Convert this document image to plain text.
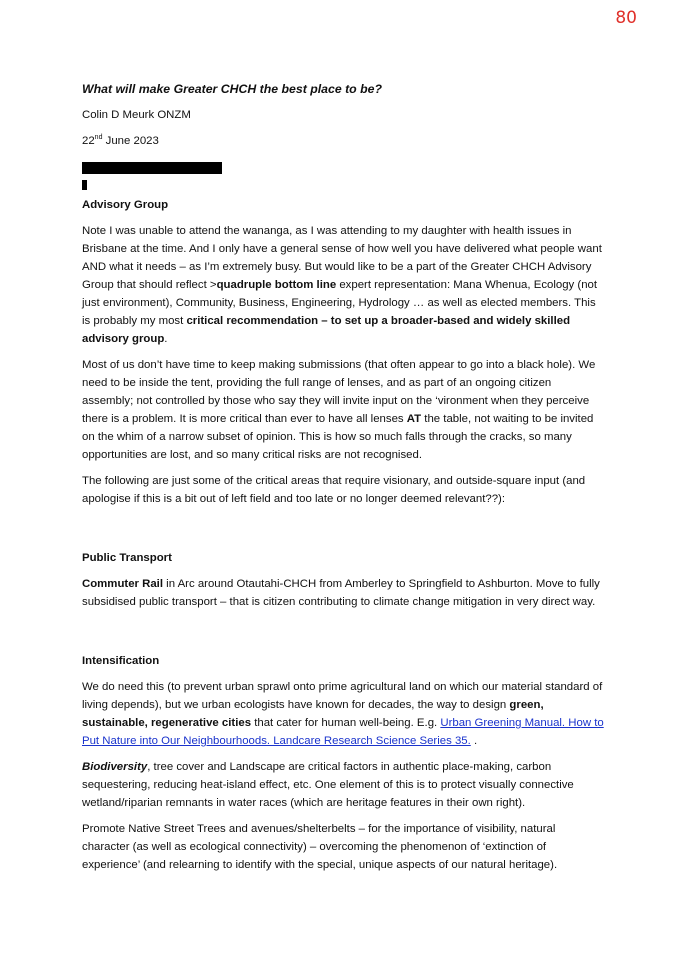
80
What will make Greater CHCH the best place to be?
Colin D Meurk ONZM
22nd June 2023
Advisory Group

Note I was unable to attend the wananga, as I was attending to my daughter with health issues in Brisbane at the time. And I only have a general sense of how well you have delivered what people want AND what it needs – as I’m extremely busy. But would like to be a part of the Greater CHCH Advisory Group that should reflect >quadruple bottom line expert representation: Mana Whenua, Ecology (not just environment), Community, Business, Engineering, Hydrology … as well as elected members. This is probably my most critical recommendation – to set up a broader-based and widely skilled advisory group.

Most of us don’t have time to keep making submissions (that often appear to go into a black hole). We need to be inside the tent, providing the full range of lenses, and as part of an ongoing citizen assembly; not controlled by those who say they will invite input on the ‘vironment when they perceive there is a problem. It is more critical than ever to have all lenses AT the table, not waiting to be invited on the whim of a narrow subset of opinion. This is how so much falls through the cracks, so many opportunities are lost, and so many critical risks are not recognised.

The following are just some of the critical areas that require visionary, and outside-square input (and apologise if this is a bit out of left field and too late or no longer deemed relevant??):

Public Transport

Commuter Rail in Arc around Otautahi-CHCH from Amberley to Springfield to Ashburton. Move to fully subsidised public transport – that is citizen contributing to climate change mitigation in very direct way.

Intensification

We do need this (to prevent urban sprawl onto prime agricultural land on which our material standard of living depends), but we urban ecologists have known for decades, the way to design green, sustainable, regenerative cities that cater for human well-being. E.g. Urban Greening Manual. How to Put Nature into Our Neighbourhoods. Landcare Research Science Series 35. .

Biodiversity, tree cover and Landscape are critical factors in authentic place-making, carbon sequestering, reducing heat-island effect, etc. One element of this is to protect visually connective wetland/riparian remnants in water races (which are heritage features in their own right).

Promote Native Street Trees and avenues/shelterbelts – for the importance of visibility, natural character (as well as ecological connectivity) – overcoming the phenomenon of ‘extinction of experience’ (and relearning to identify with the special, unique aspects of our natural heritage).
